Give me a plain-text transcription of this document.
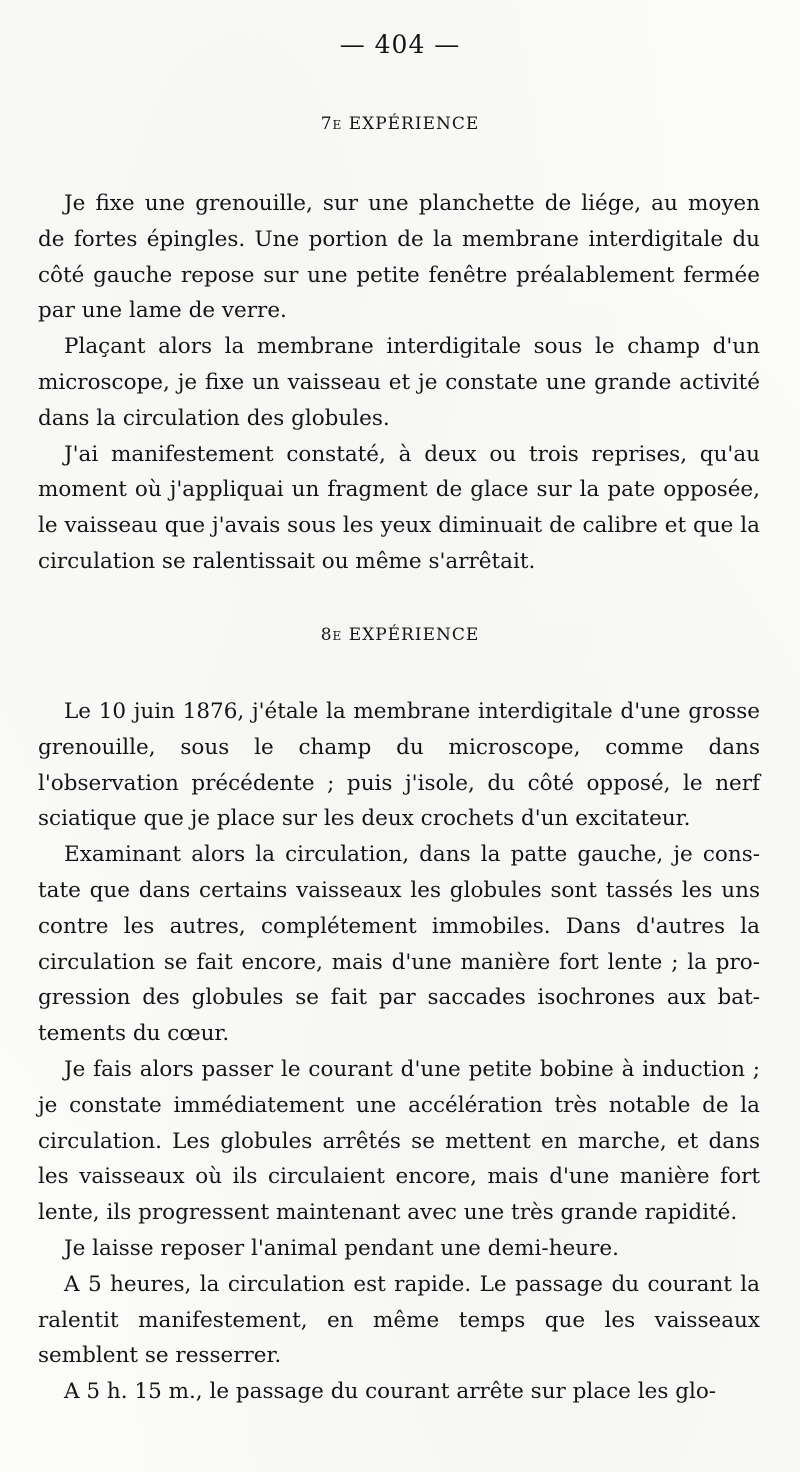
— 404 —
7e EXPÉRIENCE

Je fixe une grenouille, sur une planchette de liége, au moyen de fortes épingles. Une portion de la membrane interdigitale du côté gauche repose sur une petite fenêtre préalablement fermée par une lame de verre.

Plaçant alors la membrane interdigitale sous le champ d'un microscope, je fixe un vaisseau et je constate une grande activité dans la circulation des globules.

J'ai manifestement constaté, à deux ou trois reprises, qu'au moment où j'appliquai un fragment de glace sur la pate opposée, le vaisseau que j'avais sous les yeux diminuait de calibre et que la circulation se ralentissait ou même s'arrêtait.

8e EXPÉRIENCE

Le 10 juin 1876, j'étale la membrane interdigitale d'une grosse grenouille, sous le champ du microscope, comme dans l'observation précédente ; puis j'isole, du côté opposé, le nerf sciatique que je place sur les deux crochets d'un excitateur.

Examinant alors la circulation, dans la patte gauche, je constate que dans certains vaisseaux les globules sont tassés les uns contre les autres, complétement immobiles. Dans d'autres la circulation se fait encore, mais d'une manière fort lente ; la progression des globules se fait par saccades isochrones aux battements du cœur.

Je fais alors passer le courant d'une petite bobine à induction ; je constate immédiatement une accélération très notable de la circulation. Les globules arrêtés se mettent en marche, et dans les vaisseaux où ils circulaient encore, mais d'une manière fort lente, ils progressent maintenant avec une très grande rapidité.

Je laisse reposer l'animal pendant une demi-heure.

A 5 heures, la circulation est rapide. Le passage du courant la ralentit manifestement, en même temps que les vaisseaux semblent se resserrer.

A 5 h. 15 m., le passage du courant arrête sur place les glo-
